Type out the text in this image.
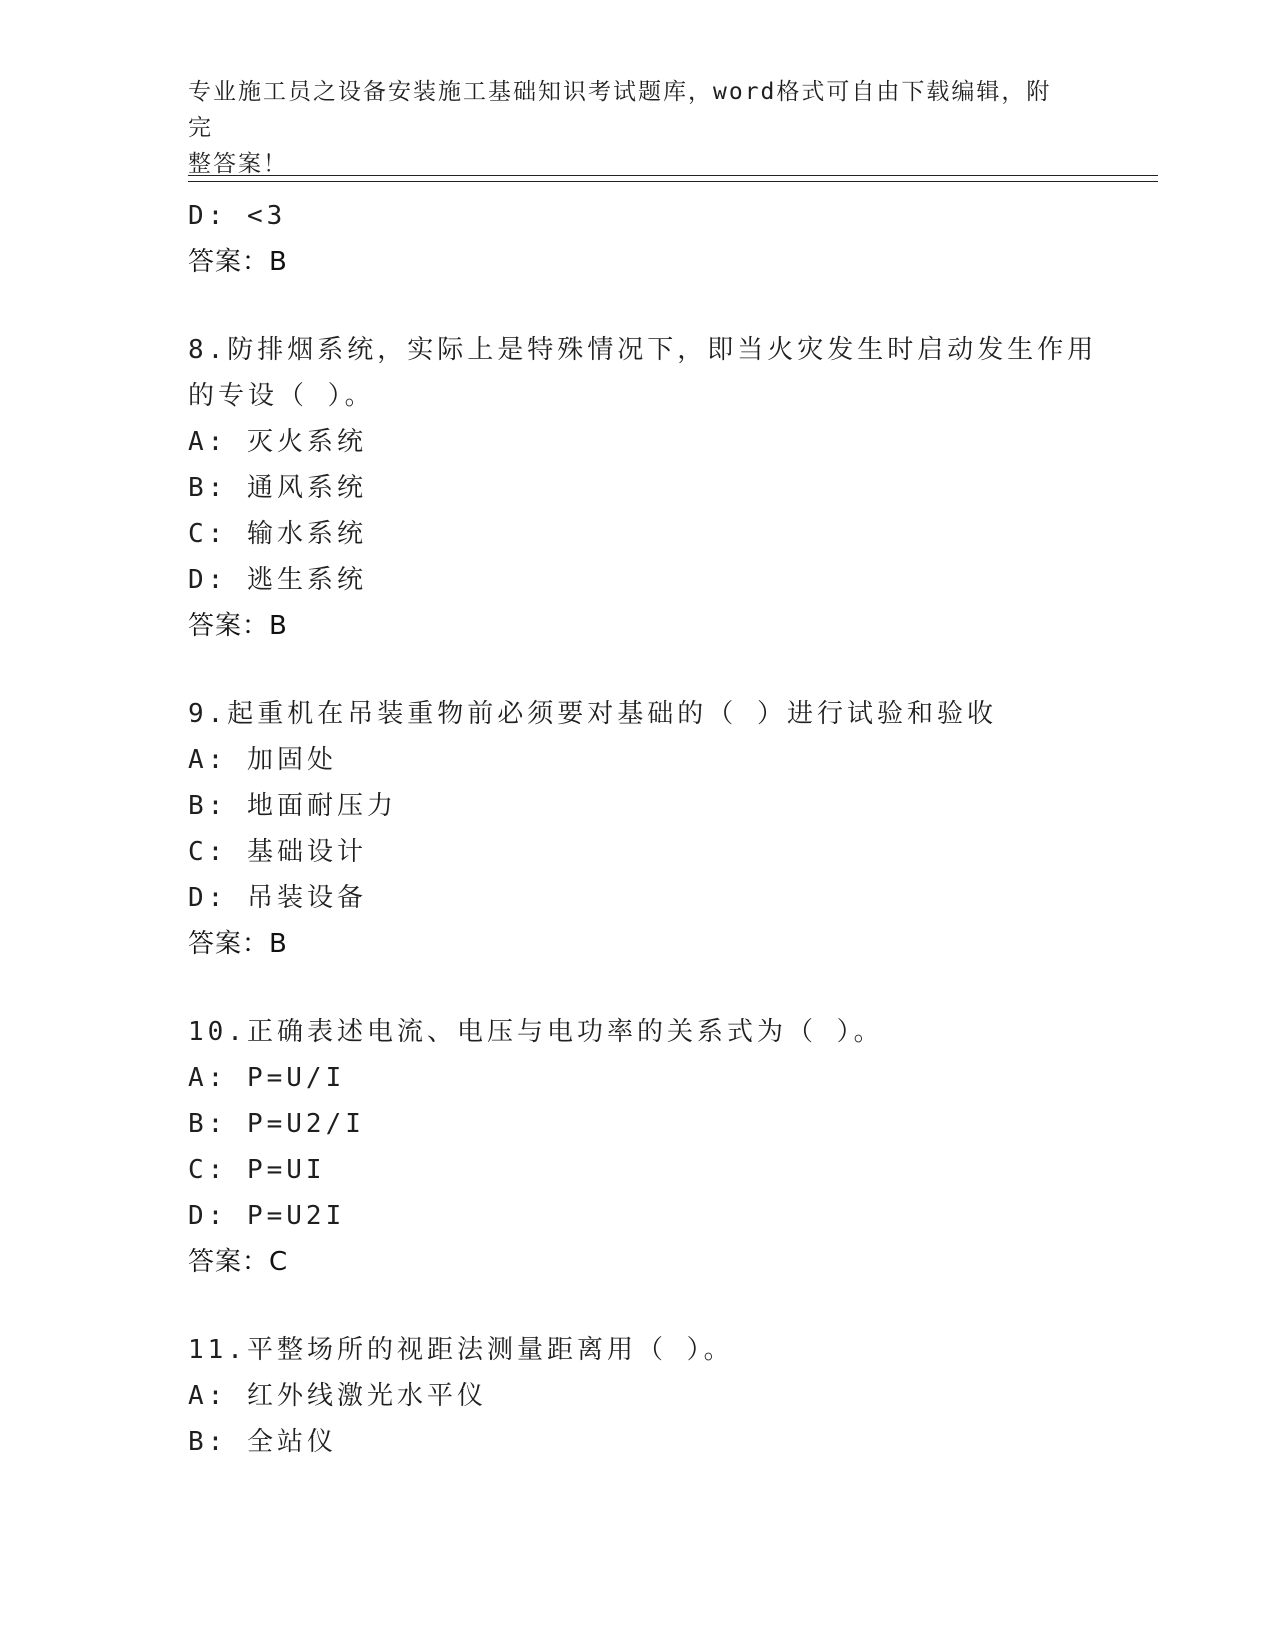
专业施工员之设备安装施工基础知识考试题库，word格式可自由下载编辑，附完
整答案！
D: <3
答案：B
8.防排烟系统，实际上是特殊情况下，即当火灾发生时启动发生作用
的专设（ ）。
A: 灭火系统
B: 通风系统
C: 输水系统
D: 逃生系统
答案：B
9.起重机在吊装重物前必须要对基础的（ ）进行试验和验收
A: 加固处
B: 地面耐压力
C: 基础设计
D: 吊装设备
答案：B
10.正确表述电流、电压与电功率的关系式为（ ）。
A: P=U/I
B: P=U2/I
C: P=UI
D: P=U2I
答案：C
11.平整场所的视距法测量距离用（ ）。
A: 红外线激光水平仪
B: 全站仪
